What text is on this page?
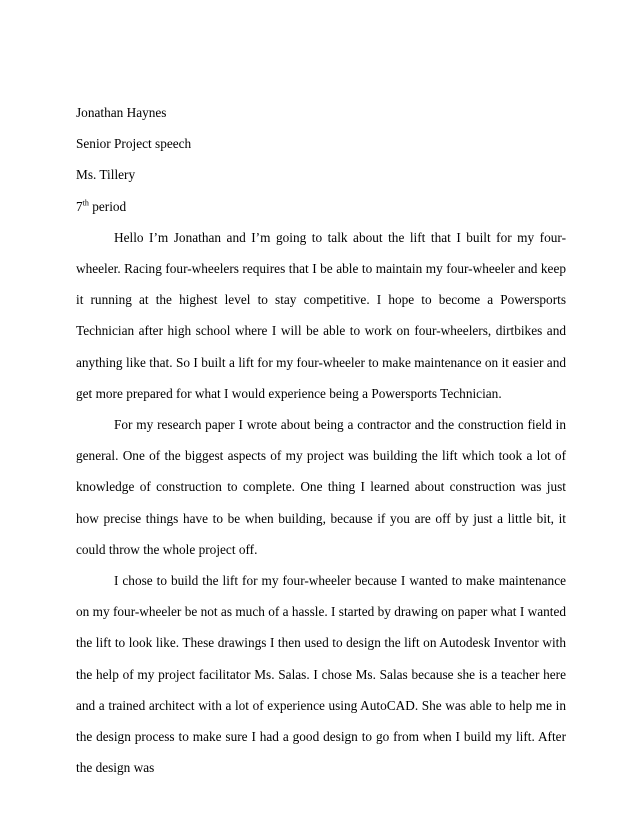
Jonathan Haynes

Senior Project speech

Ms. Tillery

7th period

Hello I’m Jonathan and I’m going to talk about the lift that I built for my four-wheeler. Racing four-wheelers requires that I be able to maintain my four-wheeler and keep it running at the highest level to stay competitive. I hope to become a Powersports Technician after high school where I will be able to work on four-wheelers, dirtbikes and anything like that. So I built a lift for my four-wheeler to make maintenance on it easier and get more prepared for what I would experience being a Powersports Technician.

For my research paper I wrote about being a contractor and the construction field in general. One of the biggest aspects of my project was building the lift which took a lot of knowledge of construction to complete. One thing I learned about construction was just how precise things have to be when building, because if you are off by just a little bit, it could throw the whole project off.

I chose to build the lift for my four-wheeler because I wanted to make maintenance on my four-wheeler be not as much of a hassle. I started by drawing on paper what I wanted the lift to look like. These drawings I then used to design the lift on Autodesk Inventor with the help of my project facilitator Ms. Salas. I chose Ms. Salas because she is a teacher here and a trained architect with a lot of experience using AutoCAD. She was able to help me in the design process to make sure I had a good design to go from when I build my lift. After the design was
